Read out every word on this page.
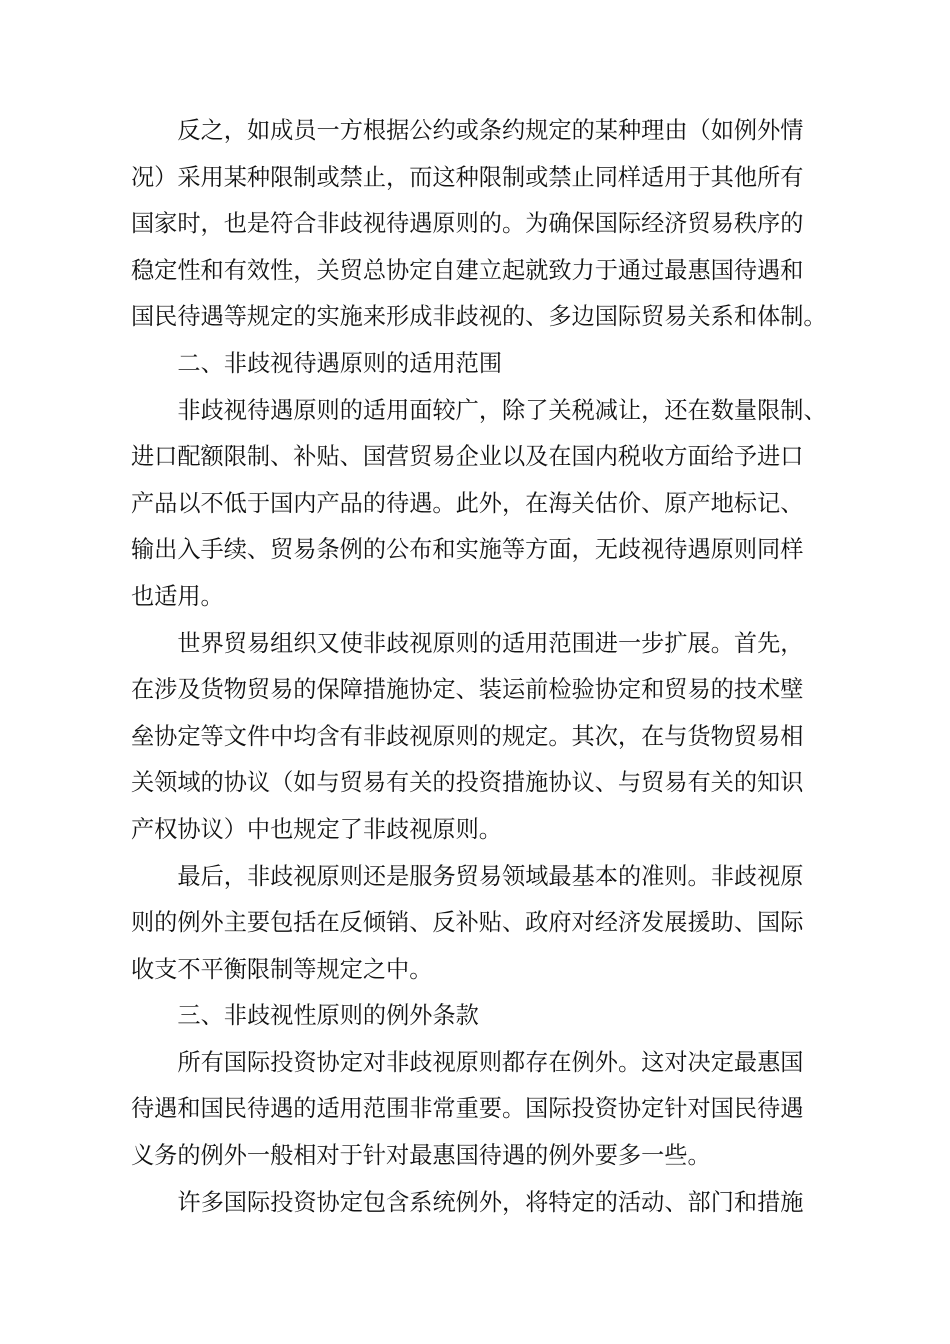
反之，如成员一方根据公约或条约规定的某种理由（如例外情
况）采用某种限制或禁止，而这种限制或禁止同样适用于其他所有
国家时，也是符合非歧视待遇原则的。为确保国际经济贸易秩序的
稳定性和有效性，关贸总协定自建立起就致力于通过最惠国待遇和
国民待遇等规定的实施来形成非歧视的、多边国际贸易关系和体制。

二、非歧视待遇原则的适用范围

非歧视待遇原则的适用面较广，除了关税减让，还在数量限制、
进口配额限制、补贴、国营贸易企业以及在国内税收方面给予进口
产品以不低于国内产品的待遇。此外，在海关估价、原产地标记、
输出入手续、贸易条例的公布和实施等方面，无歧视待遇原则同样
也适用。

世界贸易组织又使非歧视原则的适用范围进一步扩展。首先，
在涉及货物贸易的保障措施协定、装运前检验协定和贸易的技术壁
垒协定等文件中均含有非歧视原则的规定。其次，在与货物贸易相
关领域的协议（如与贸易有关的投资措施协议、与贸易有关的知识
产权协议）中也规定了非歧视原则。

最后，非歧视原则还是服务贸易领域最基本的准则。非歧视原
则的例外主要包括在反倾销、反补贴、政府对经济发展援助、国际
收支不平衡限制等规定之中。

三、非歧视性原则的例外条款

所有国际投资协定对非歧视原则都存在例外。这对决定最惠国
待遇和国民待遇的适用范围非常重要。国际投资协定针对国民待遇
义务的例外一般相对于针对最惠国待遇的例外要多一些。

许多国际投资协定包含系统例外，将特定的活动、部门和措施
